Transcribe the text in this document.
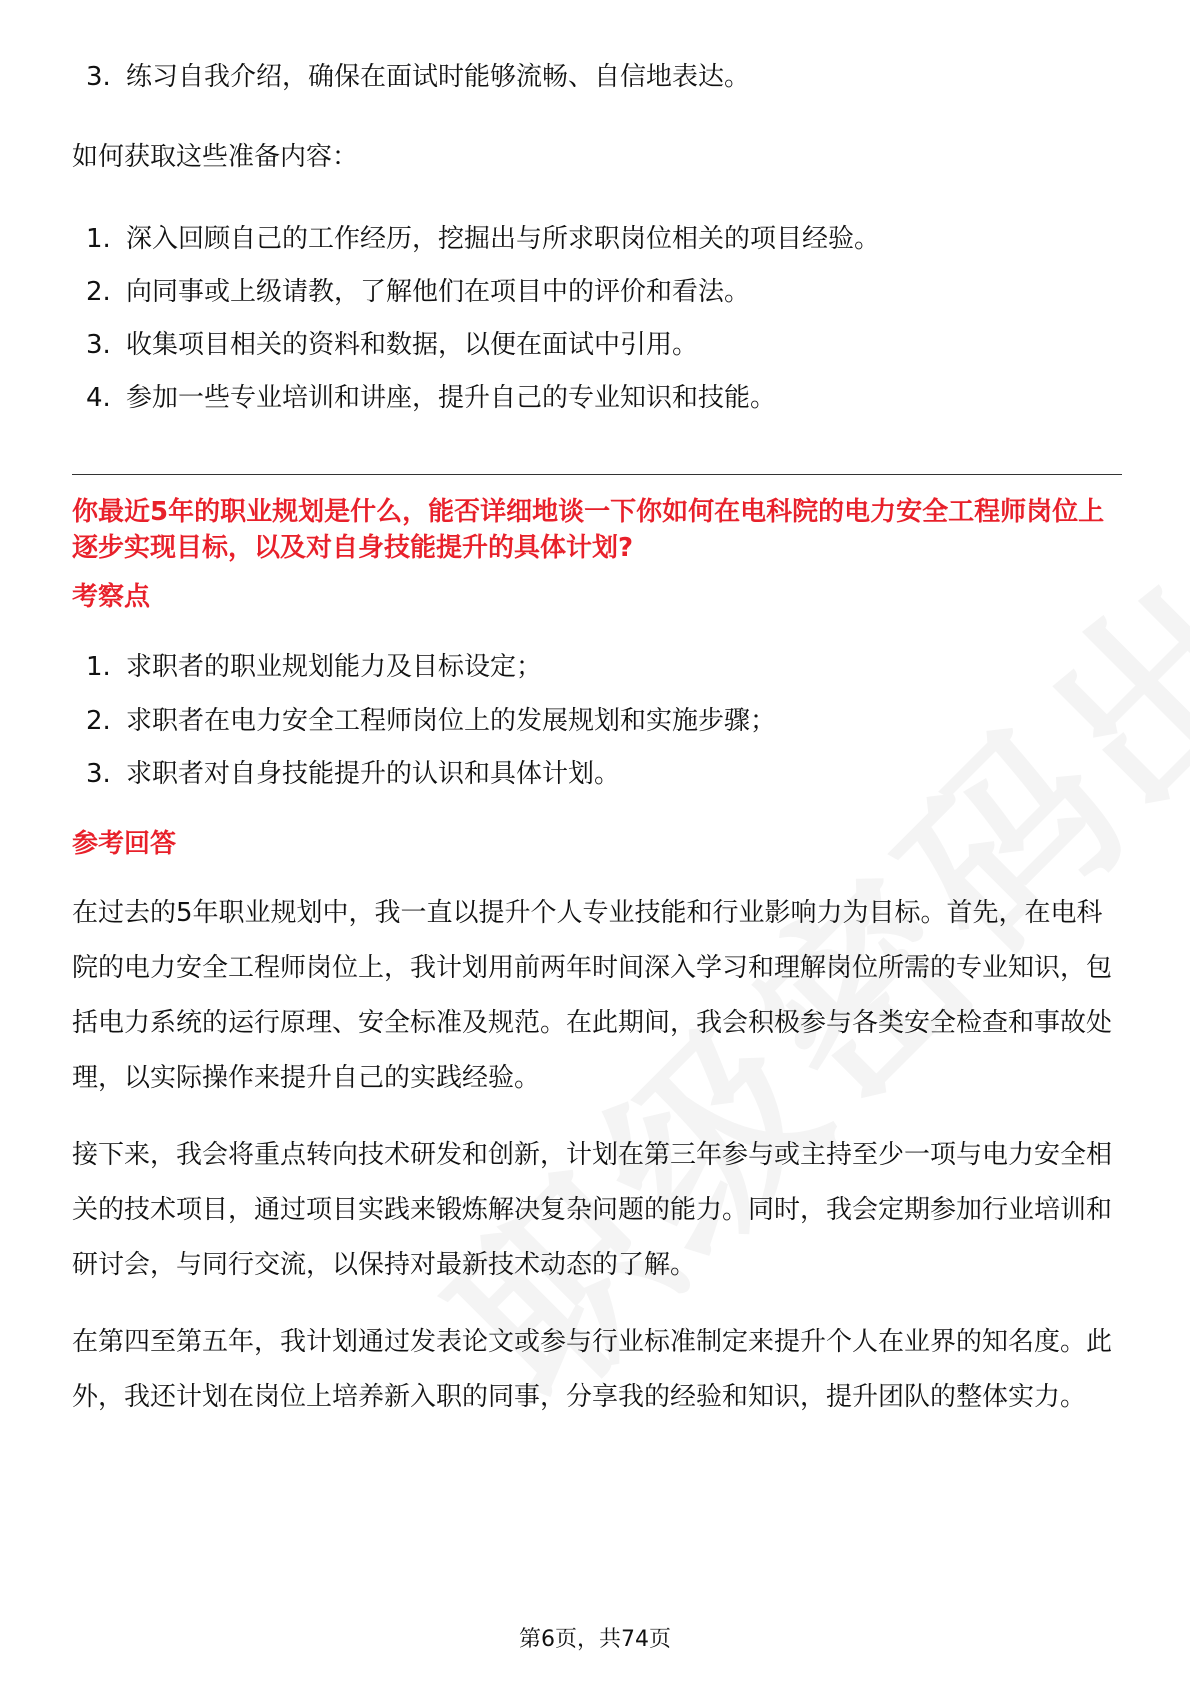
3. 练习自我介绍，确保在面试时能够流畅、自信地表达。
如何获取这些准备内容：
1. 深入回顾自己的工作经历，挖掘出与所求职岗位相关的项目经验。
2. 向同事或上级请教，了解他们在项目中的评价和看法。
3. 收集项目相关的资料和数据，以便在面试中引用。
4. 参加一些专业培训和讲座，提升自己的专业知识和技能。
你最近5年的职业规划是什么，能否详细地谈一下你如何在电科院的电力安全工程师岗位上逐步实现目标，以及对自身技能提升的具体计划?
考察点
1. 求职者的职业规划能力及目标设定；
2. 求职者在电力安全工程师岗位上的发展规划和实施步骤；
3. 求职者对自身技能提升的认识和具体计划。
参考回答
在过去的5年职业规划中，我一直以提升个人专业技能和行业影响力为目标。首先，在电科院的电力安全工程师岗位上，我计划用前两年时间深入学习和理解岗位所需的专业知识，包括电力系统的运行原理、安全标准及规范。在此期间，我会积极参与各类安全检查和事故处理，以实际操作来提升自己的实践经验。
接下来，我会将重点转向技术研发和创新，计划在第三年参与或主持至少一项与电力安全相关的技术项目，通过项目实践来锻炼解决复杂问题的能力。同时，我会定期参加行业培训和研讨会，与同行交流，以保持对最新技术动态的了解。
在第四至第五年，我计划通过发表论文或参与行业标准制定来提升个人在业界的知名度。此外，我还计划在岗位上培养新入职的同事，分享我的经验和知识，提升团队的整体实力。
第6页，共74页
